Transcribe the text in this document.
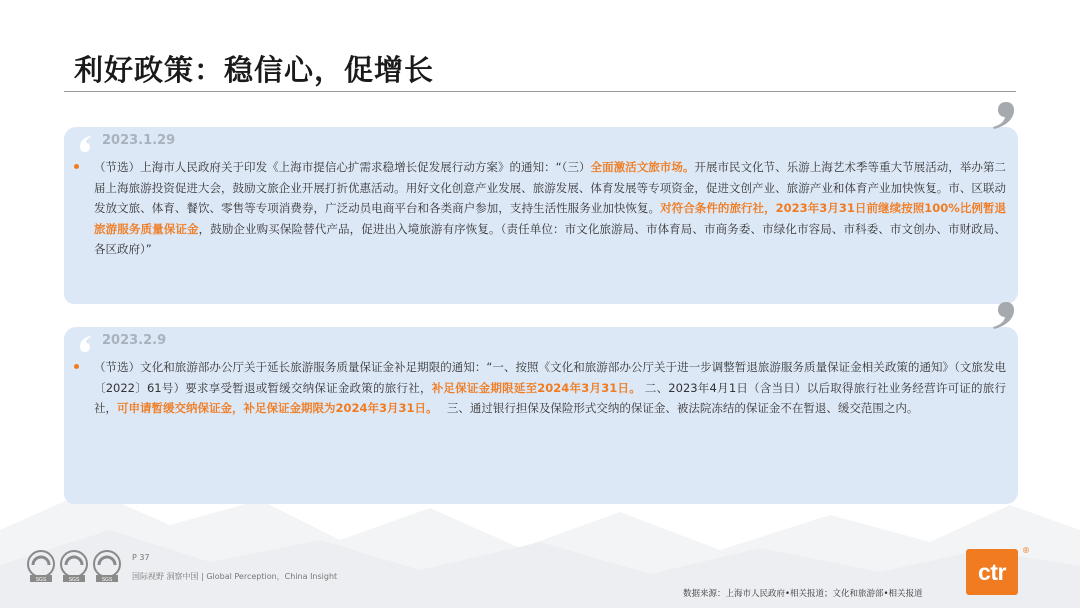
利好政策：稳信心，促增长
2023.1.29
（节选）上海市人民政府关于印发《上海市提信心扩需求稳增长促发展行动方案》的通知：“（三）全面激活文旅市场。开展市民文化节、乐游上海艺术季等重大节展活动，举办第二届上海旅游投资促进大会，鼓励文旅企业开展打折优惠活动。用好文化创意产业发展、旅游发展、体育发展等专项资金，促进文创产业、旅游产业和体育产业加快恢复。市、区联动发放文旅、体育、餐饮、零售等专项消费券，广泛动员电商平台和各类商户参加，支持生活性服务业加快恢复。对符合条件的旅行社，2023年3月31日前继续按照100%比例暂退旅游服务质量保证金，鼓励企业购买保险替代产品，促进出入境旅游有序恢复。（责任单位：市文化旅游局、市体育局、市商务委、市绿化市容局、市科委、市文创办、市财政局、各区政府）”
2023.2.9
（节选）文化和旅游部办公厅关于延长旅游服务质量保证金补足期限的通知：“一、按照《文化和旅游部办公厅关于进一步调整暂退旅游服务质量保证金相关政策的通知》（文旅发电〔2022〕61号）要求享受暂退或暂缓交纳保证金政策的旅行社，补足保证金期限延至2024年3月31日。 二、2023年4月1日（含当日）以后取得旅行社业务经营许可证的旅行社，可申请暂缓交纳保证金，补足保证金期限为2024年3月31日。　 三、通过银行担保及保险形式交纳的保证金、被法院冻结的保证金不在暂退、缓交范围之内。
SGS	SGS	SGS
P 37
国际视野 洞察中国 | Global Perception，China Insight
数据来源：上海市人民政府•相关报道；文化和旅游部•相关报道
ctr
®
